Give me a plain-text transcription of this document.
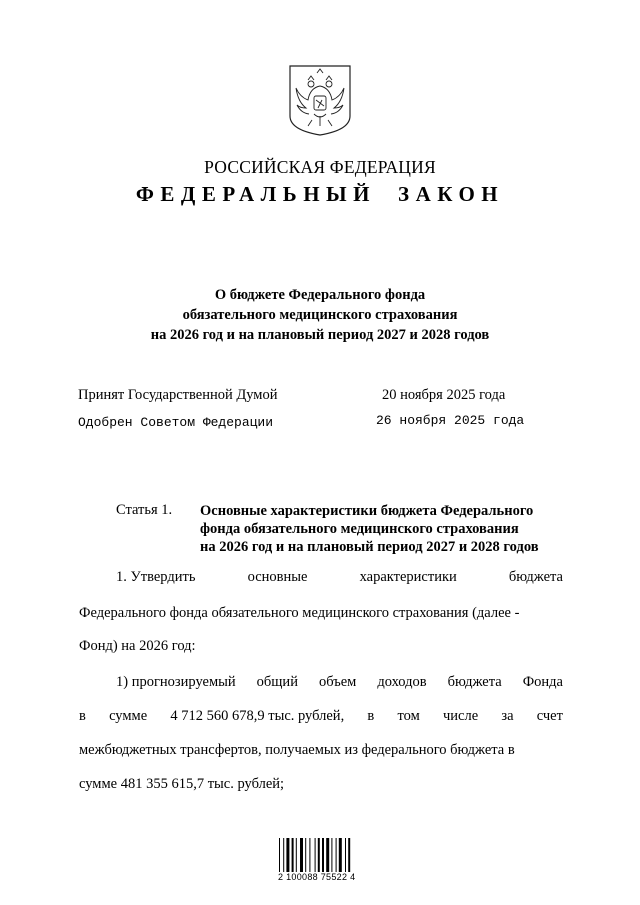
РОССИЙСКАЯ ФЕДЕРАЦИЯ
ФЕДЕРАЛЬНЫЙ ЗАКОН
О бюджете Федерального фонда
обязательного медицинского страхования
на 2026 год и на плановый период 2027 и 2028 годов
Принят Государственной Думой	20 ноября 2025 года
Одобрен Советом Федерации	26 ноября 2025 года
Статья 1. Основные характеристики бюджета Федерального
фонда обязательного медицинского страхования
на 2026 год и на плановый период 2027 и 2028 годов
1. Утвердить	основные	характеристики	бюджета
Федерального фонда обязательного медицинского страхования (далее -
Фонд) на 2026 год:
1) прогнозируемый общий объем доходов бюджета Фонда
в сумме 4 712 560 678,9 тыс. рублей, в том числе за счет
межбюджетных трансфертов, получаемых из федерального бюджета в
сумме 481 355 615,7 тыс. рублей;
2 100088 75522 4
